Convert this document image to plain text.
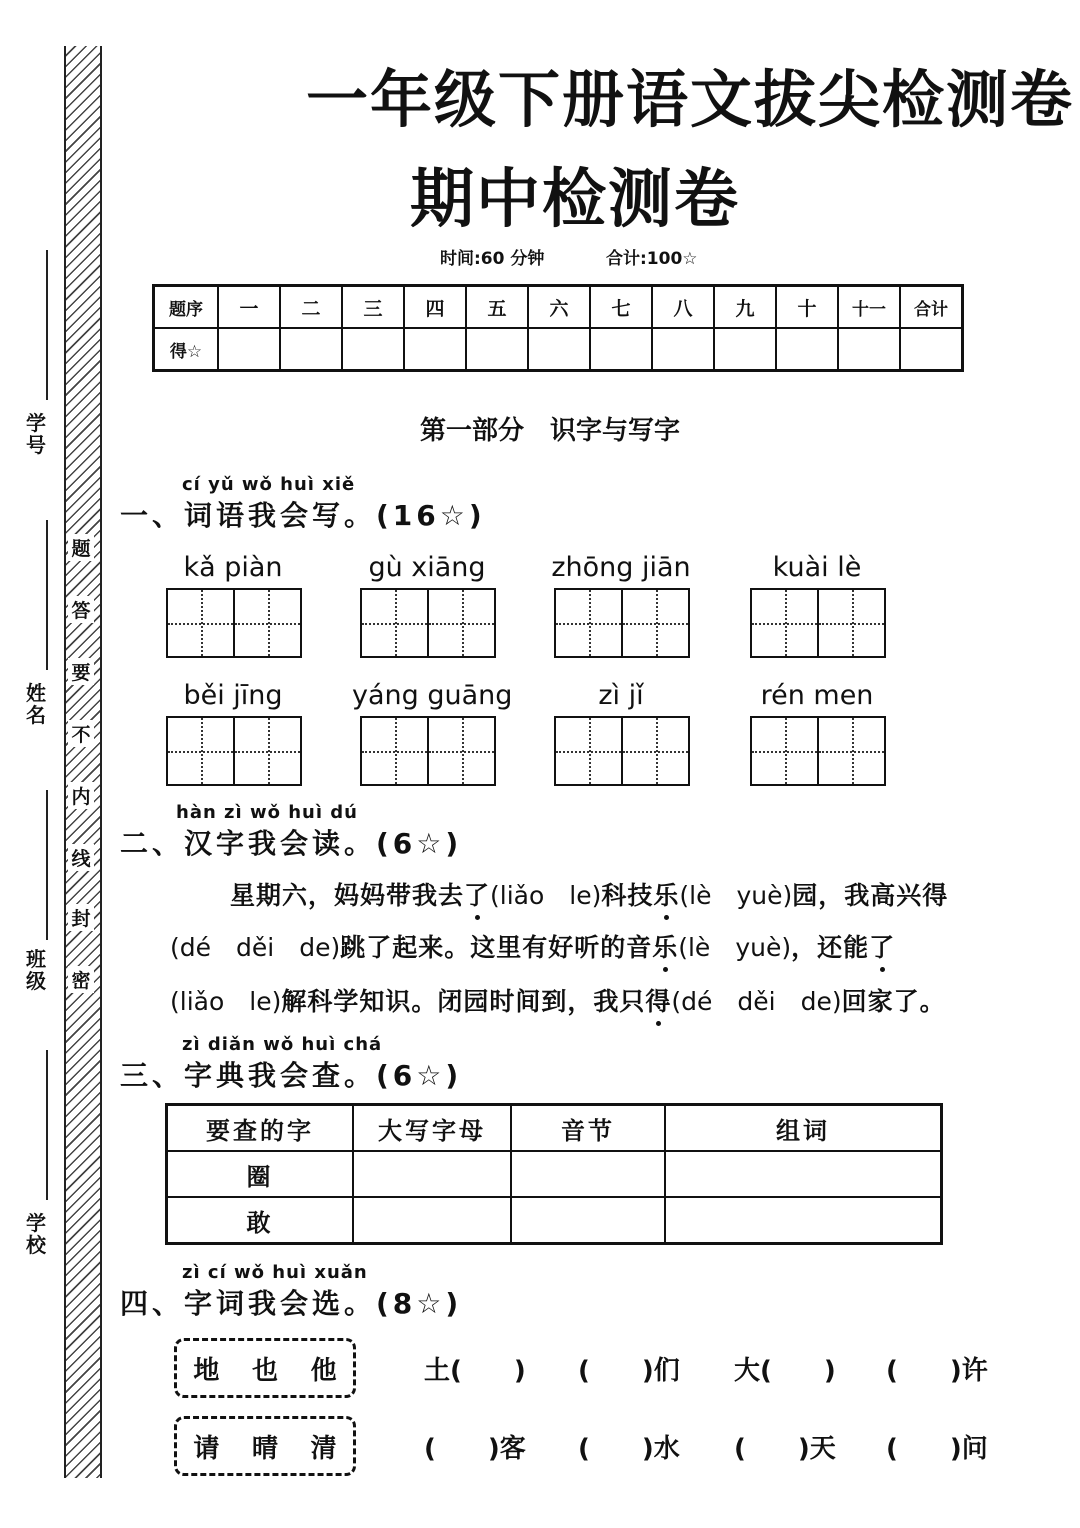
学
号
姓
名
班
级
学
校
题
答
要
不
内
线
封
密
一年级下册语文拔尖检测卷
期中检测卷
时间:60 分钟	合计:100☆
题序	一	二	三	四	五	六	七	八	九	十	十一	合计
得☆												
第一部分　识字与写字
cí yǔ wǒ huì xiě
一、词语我会写。(16☆)
kǎ piàn	gù xiāng	zhōng jiān	kuài lè
běi jīng	yáng guāng	zì jǐ	rén men
hàn zì wǒ huì dú
二、汉字我会读。(6☆)
星期六，妈妈带我去了(liǎo　le)科技乐(lè　yuè)园，我高兴得
(dé　děi　de)跳了起来。这里有好听的音乐(lè　yuè)，还能了
(liǎo　le)解科学知识。闭园时间到，我只得(dé　děi　de)回家了。
zì diǎn wǒ huì chá
三、字典我会查。(6☆)
要查的字	大写字母	音节	组词
圈			
敢			
zì cí wǒ huì xuǎn
四、字词我会选。(8☆)
地 也 他	土(　　) (　　)们 大(　　) (　　)许
请 晴 清	(　　)客 (　　)水 (　　)天 (　　)问
